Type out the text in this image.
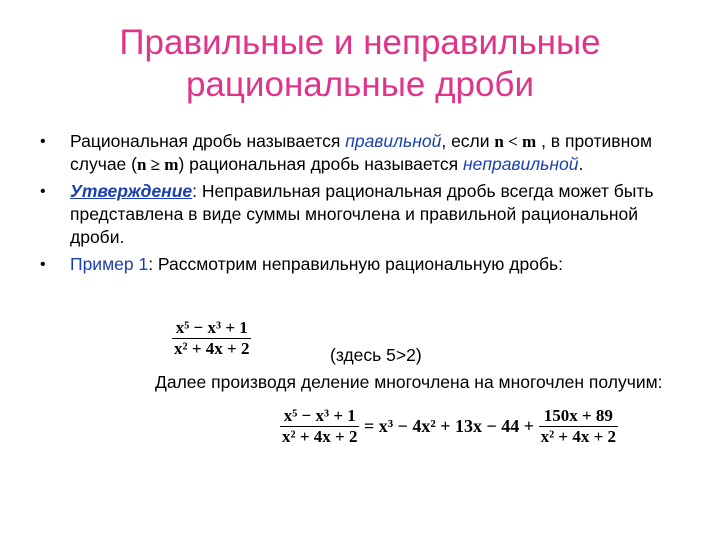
Правильные и неправильные рациональные дроби
• Рациональная дробь называется правильной, если n < m , в противном случае (n ≥ m) рациональная дробь называется неправильной.
• Утверждение: Неправильная рациональная дробь всегда может быть представлена в виде суммы многочлена и правильной рациональной дроби.
• Пример 1: Рассмотрим неправильную рациональную дробь:
$\frac{\text{x⁵ − x³ + 1}}{\text{x² + 4x + 2}}$	(здесь 5>2)
Далее производя деление многочлена на многочлен получим:
$\frac{\text{x⁵ − x³ + 1}}{\text{x² + 4x + 2}} = x^3 - 4x^2 + 13x - 44 + \frac{150x + 89}{\text{x² + 4x + 2}}$
